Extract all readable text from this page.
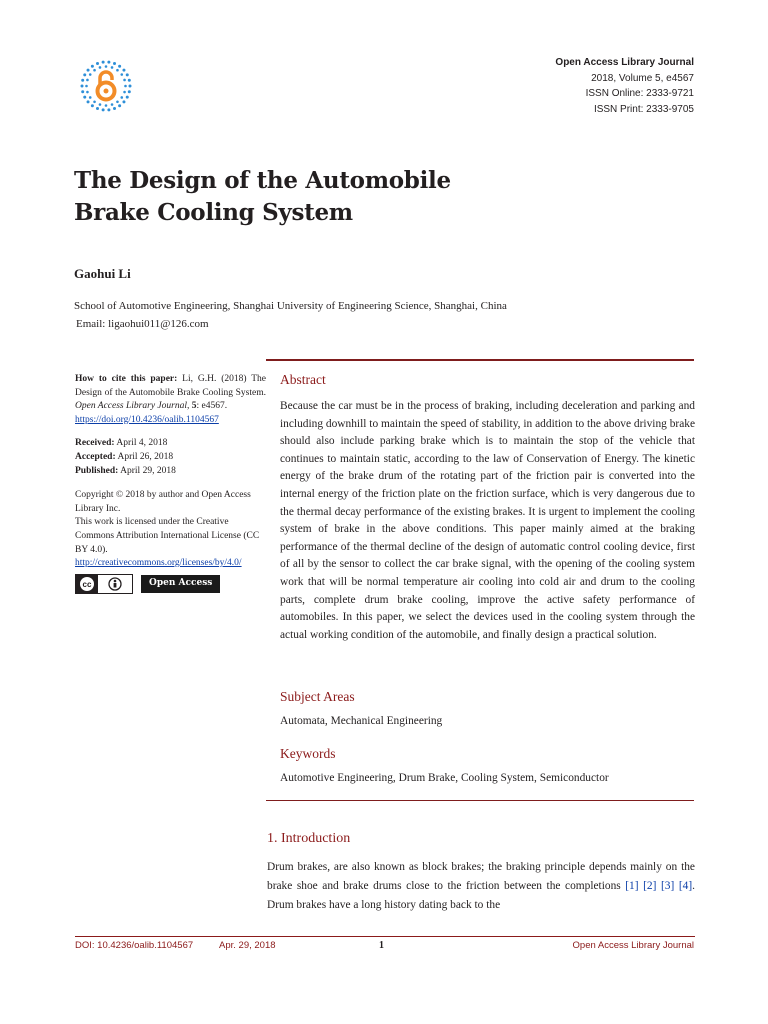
Open Access Library Journal
2018, Volume 5, e4567
ISSN Online: 2333-9721
ISSN Print: 2333-9705
The Design of the Automobile
Brake Cooling System
Gaohui Li
School of Automotive Engineering, Shanghai University of Engineering Science, Shanghai, China
Email: ligaohui011@126.com
How to cite this paper: Li, G.H. (2018) The Design of the Automobile Brake Cooling System. Open Access Library Journal, 5: e4567.
https://doi.org/10.4236/oalib.1104567
Received: April 4, 2018
Accepted: April 26, 2018
Published: April 29, 2018
Copyright © 2018 by author and Open Access Library Inc.
This work is licensed under the Creative Commons Attribution International License (CC BY 4.0).
http://creativecommons.org/licenses/by/4.0/
cc	Open Access
Abstract
Because the car must be in the process of braking, including deceleration and parking and including downhill to maintain the speed of stability, in addition to the above driving brake should also include parking brake which is to maintain the stop of the vehicle that continues to maintain static, according to the law of Conservation of Energy. The kinetic energy of the brake drum of the rotating part of the friction pair is converted into the internal energy of the friction plate on the friction surface, which is very dangerous due to the thermal decay performance of the existing brakes. It is urgent to implement the cooling system of brake in the above conditions. This paper mainly aimed at the braking performance of the thermal decline of the design of automatic control cooling device, first of all by the sensor to collect the car brake signal, with the opening of the cooling system work that will be normal temperature air cooling into cold air and drum to the cooling parts, complete drum brake cooling, improve the active safety performance of automobiles. In this paper, we select the devices used in the cooling system through the actual working condition of the automobile, and finally design a practical solution.
Subject Areas
Automata, Mechanical Engineering
Keywords
Automotive Engineering, Drum Brake, Cooling System, Semiconductor
1. Introduction
Drum brakes, are also known as block brakes; the braking principle depends mainly on the brake shoe and brake drums close to the friction between the completions [1] [2] [3] [4]. Drum brakes have a long history dating back to the
DOI: 10.4236/oalib.1104567	Apr. 29, 2018	1	Open Access Library Journal
